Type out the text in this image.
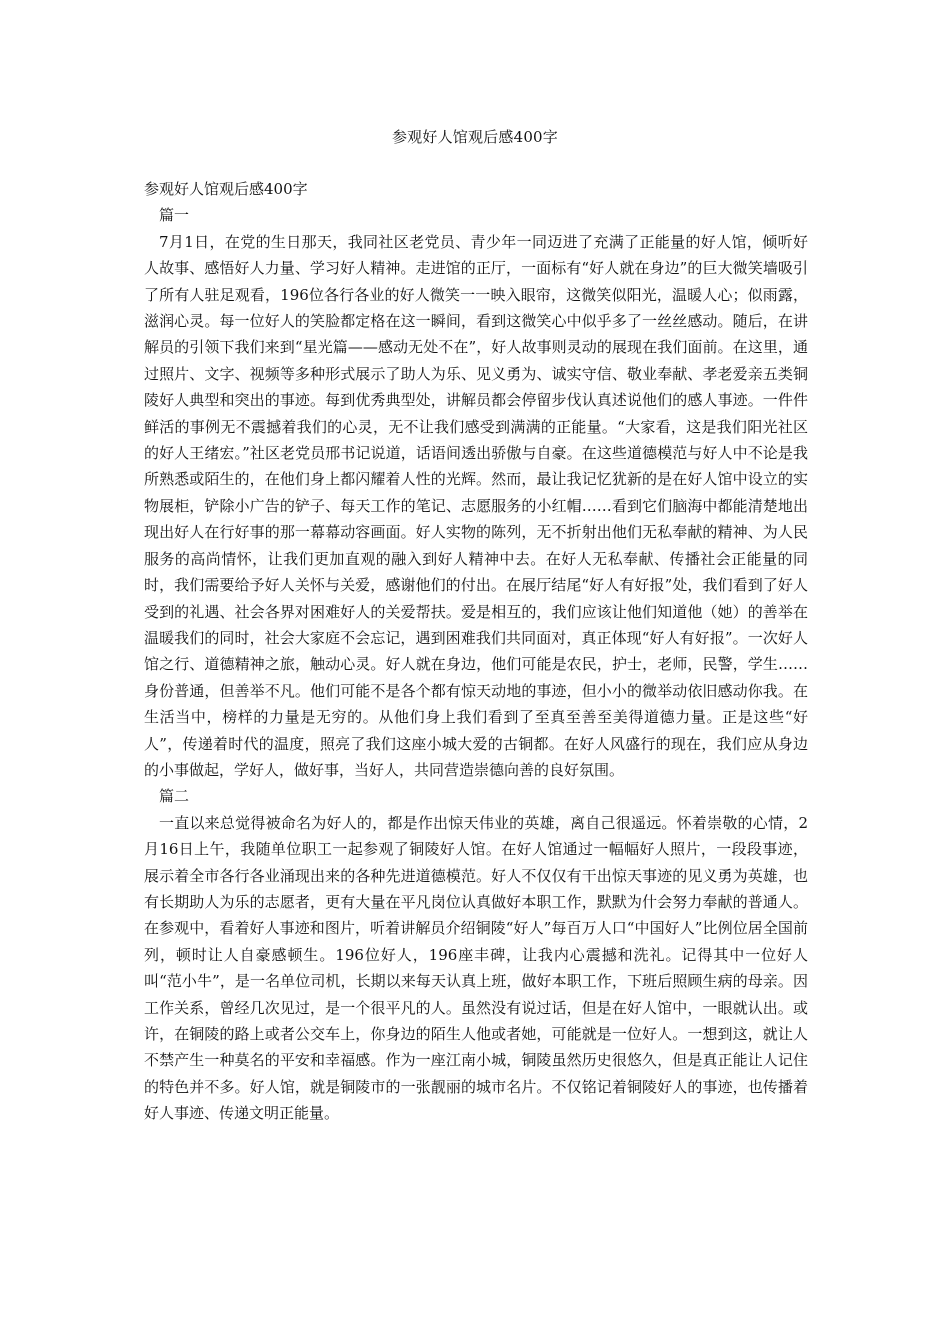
参观好人馆观后感400字

参观好人馆观后感400字

篇一

7月1日，在党的生日那天，我同社区老党员、青少年一同迈进了充满了正能量的好人馆，倾听好人故事、感悟好人力量、学习好人精神。走进馆的正厅，一面标有“好人就在身边”的巨大微笑墙吸引了所有人驻足观看，196位各行各业的好人微笑一一映入眼帘，这微笑似阳光，温暖人心；似雨露，滋润心灵。每一位好人的笑脸都定格在这一瞬间，看到这微笑心中似乎多了一丝丝感动。随后，在讲解员的引领下我们来到“星光篇——感动无处不在”，好人故事则灵动的展现在我们面前。在这里，通过照片、文字、视频等多种形式展示了助人为乐、见义勇为、诚实守信、敬业奉献、孝老爱亲五类铜陵好人典型和突出的事迹。每到优秀典型处，讲解员都会停留步伐认真述说他们的感人事迹。一件件鲜活的事例无不震撼着我们的心灵，无不让我们感受到满满的正能量。“大家看，这是我们阳光社区的好人王绪宏。”社区老党员邢书记说道，话语间透出骄傲与自豪。在这些道德模范与好人中不论是我所熟悉或陌生的，在他们身上都闪耀着人性的光辉。然而，最让我记忆犹新的是在好人馆中设立的实物展柜，铲除小广告的铲子、每天工作的笔记、志愿服务的小红帽……看到它们脑海中都能清楚地出现出好人在行好事的那一幕幕动容画面。好人实物的陈列，无不折射出他们无私奉献的精神、为人民服务的高尚情怀，让我们更加直观的融入到好人精神中去。在好人无私奉献、传播社会正能量的同时，我们需要给予好人关怀与关爱，感谢他们的付出。在展厅结尾“好人有好报”处，我们看到了好人受到的礼遇、社会各界对困难好人的关爱帮扶。爱是相互的，我们应该让他们知道他（她）的善举在温暖我们的同时，社会大家庭不会忘记，遇到困难我们共同面对，真正体现“好人有好报”。一次好人馆之行、道德精神之旅，触动心灵。好人就在身边，他们可能是农民，护士，老师，民警，学生……身份普通，但善举不凡。他们可能不是各个都有惊天动地的事迹，但小小的微举动依旧感动你我。在生活当中，榜样的力量是无穷的。从他们身上我们看到了至真至善至美得道德力量。正是这些“好人”，传递着时代的温度，照亮了我们这座小城大爱的古铜都。在好人风盛行的现在，我们应从身边的小事做起，学好人，做好事，当好人，共同营造崇德向善的良好氛围。

篇二

一直以来总觉得被命名为好人的，都是作出惊天伟业的英雄，离自己很遥远。怀着崇敬的心情，2月16日上午，我随单位职工一起参观了铜陵好人馆。在好人馆通过一幅幅好人照片，一段段事迹，展示着全市各行各业涌现出来的各种先进道德模范。好人不仅仅有干出惊天事迹的见义勇为英雄，也有长期助人为乐的志愿者，更有大量在平凡岗位认真做好本职工作，默默为什会努力奉献的普通人。在参观中，看着好人事迹和图片，听着讲解员介绍铜陵“好人”每百万人口“中国好人”比例位居全国前列，顿时让人自豪感顿生。196位好人，196座丰碑，让我内心震撼和洗礼。记得其中一位好人叫“范小牛”，是一名单位司机，长期以来每天认真上班，做好本职工作，下班后照顾生病的母亲。因工作关系，曾经几次见过，是一个很平凡的人。虽然没有说过话，但是在好人馆中，一眼就认出。或许，在铜陵的路上或者公交车上，你身边的陌生人他或者她，可能就是一位好人。一想到这，就让人不禁产生一种莫名的平安和幸福感。作为一座江南小城，铜陵虽然历史很悠久，但是真正能让人记住的特色并不多。好人馆，就是铜陵市的一张靓丽的城市名片。不仅铭记着铜陵好人的事迹，也传播着好人事迹、传递文明正能量。
